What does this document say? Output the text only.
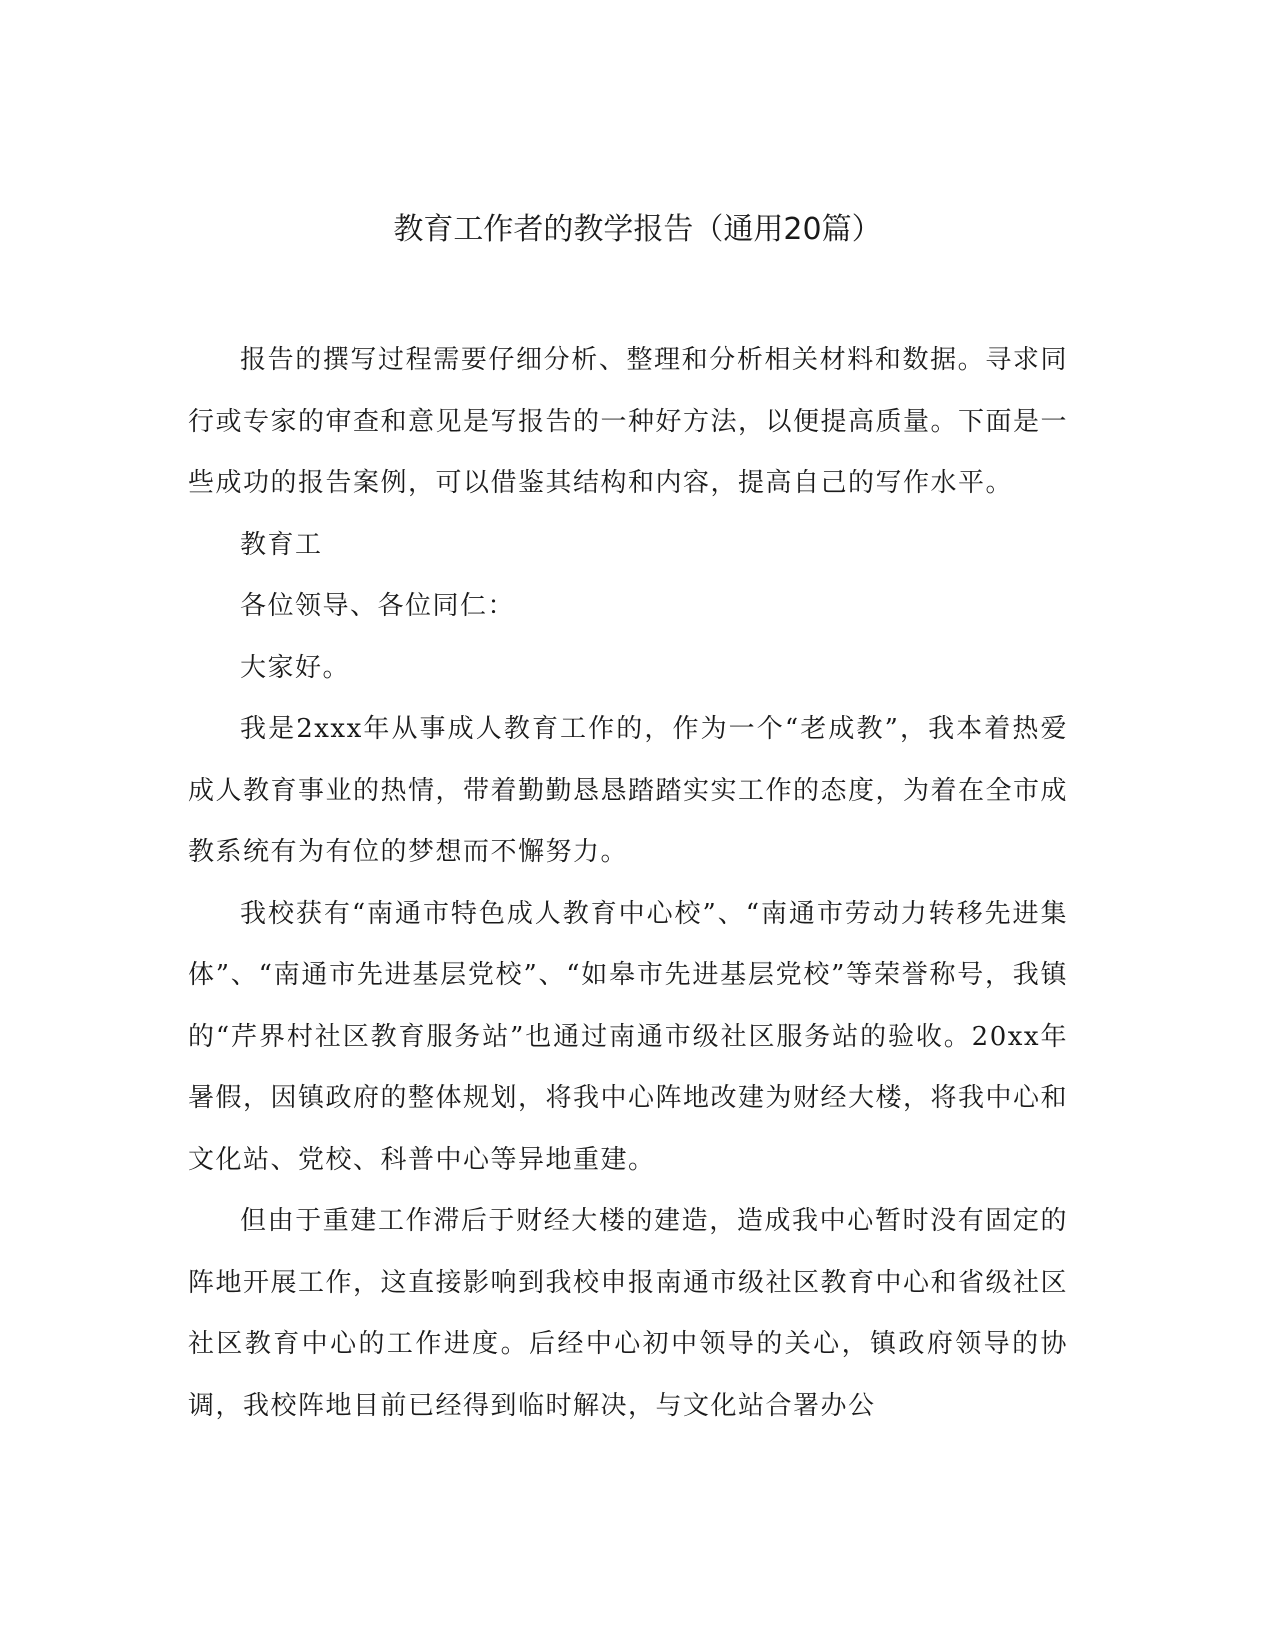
教育工作者的教学报告（通用20篇）

报告的撰写过程需要仔细分析、整理和分析相关材料和数据。寻求同行或专家的审查和意见是写报告的一种好方法，以便提高质量。下面是一些成功的报告案例，可以借鉴其结构和内容，提高自己的写作水平。

教育工

各位领导、各位同仁：

大家好。

我是2xxx年从事成人教育工作的，作为一个“老成教”，我本着热爱成人教育事业的热情，带着勤勤恳恳踏踏实实工作的态度，为着在全市成教系统有为有位的梦想而不懈努力。

我校获有“南通市特色成人教育中心校”、“南通市劳动力转移先进集体”、“南通市先进基层党校”、“如皋市先进基层党校”等荣誉称号，我镇的“芹界村社区教育服务站”也通过南通市级社区服务站的验收。20xx年暑假，因镇政府的整体规划，将我中心阵地改建为财经大楼，将我中心和文化站、党校、科普中心等异地重建。

但由于重建工作滞后于财经大楼的建造，造成我中心暂时没有固定的阵地开展工作，这直接影响到我校申报南通市级社区教育中心和省级社区社区教育中心的工作进度。后经中心初中领导的关心，镇政府领导的协调，我校阵地目前已经得到临时解决，与文化站合署办公
